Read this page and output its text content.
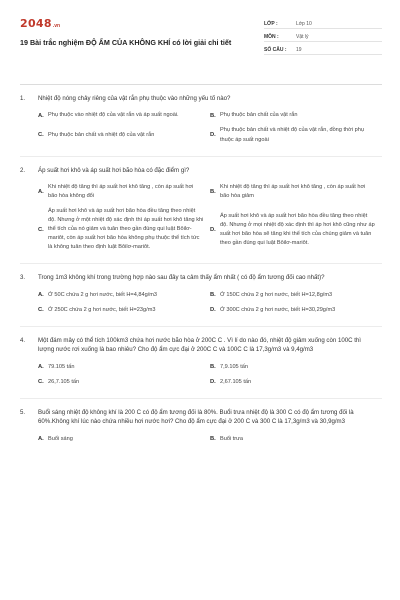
2048 .vn
19 Bài trắc nghiệm ĐỘ ẨM CỦA KHÔNG KHÍ có lời giải chi tiết
LỚP :	Lớp 10
MÔN :	Vật lý
SỐ CÂU :	19
1.	Nhiệt độ nóng chảy riêng của vật rắn phụ thuộc vào những yếu tố nào?
A. Phụ thuộc vào nhiệt độ của vật rắn và áp suất ngoài.	B. Phụ thuộc bản chất của vật rắn
C. Phụ thuộc bản chất và nhiệt độ của vật rắn	D.
Phụ thuộc bản chất và nhiệt độ của vật rắn, đồng thời phụ thuộc áp suất ngoài
2.	Áp suất hơi khô và áp suất hơi bão hòa có đặc điểm gì?
A.
Khi nhiệt độ tăng thì áp suất hơi khô tăng , còn áp suất hơi bão hòa không đổi
B.
Khi nhiệt độ tăng thì áp suất hơi khô tăng , còn áp suất hơi bão hòa giảm
C.
Áp suất hơi khô và áp suất hơi bão hòa đều tăng theo nhiệt độ. Nhưng ở một nhiệt độ xác định thì áp suất hơi khô tăng khi thể tích của nó giảm và tuân theo gần đúng qui luật Bôilơ-mariôt, còn áp suất hơi bão hòa không phụ thuộc thể tích tức là không tuân theo định luật Bôilơ-mariôt.
D.
Áp suất hơi khô và áp suất hơi bão hòa đều tăng theo nhiệt độ. Nhưng ở mọi nhiệt độ xác định thì áp hơi khô cũng như áp suất hơi bão hòa sẽ tăng khi thể tích của chúng giảm và tuân theo gần đúng qui luật Bôilơ-mariôt.
3.	Trong 1m3 không khí trong trường hợp nào sau đây ta cảm thấy ẩm nhất ( có độ ẩm tương đối cao nhất)?
A. Ở 50C chứa 2 g hơi nước, biết H=4,84g/m3	B. Ở 150C chứa 2 g hơi nước, biết H=12,8g/m3
C. Ở 250C chứa 2 g hơi nước, biết H=23g/m3	D. Ở 300C chứa 2 g hơi nước, biết H=30,29g/m3
4.	Một đám mây có thể tích 100km3 chứa hơi nước bão hòa ở 200C C . Vì lí do nào đó, nhiệt độ giảm xuống còn 100C thì lượng nước rơi xuống là bao nhiêu? Cho độ ẩm cực đại ở 200C C và 100C C là 17,3g/m3 và 9,4g/m3
A. 79.105 tấn	B. 7,9.105 tấn
C. 26,7.105 tấn	D. 2,67.105 tấn
5.	Buổi sáng nhiệt độ không khí là 200 C có độ ẩm tương đối là 80%. Buổi trưa nhiệt độ là 300 C có độ ẩm tương đối là 60%.Không khí lúc nào chứa nhiều hơi nước hơi? Cho độ ẩm cực đại ở 200 C và 300 C là 17,3g/m3 và 30,9g/m3
A. Buổi sáng	B. Buổi trưa
